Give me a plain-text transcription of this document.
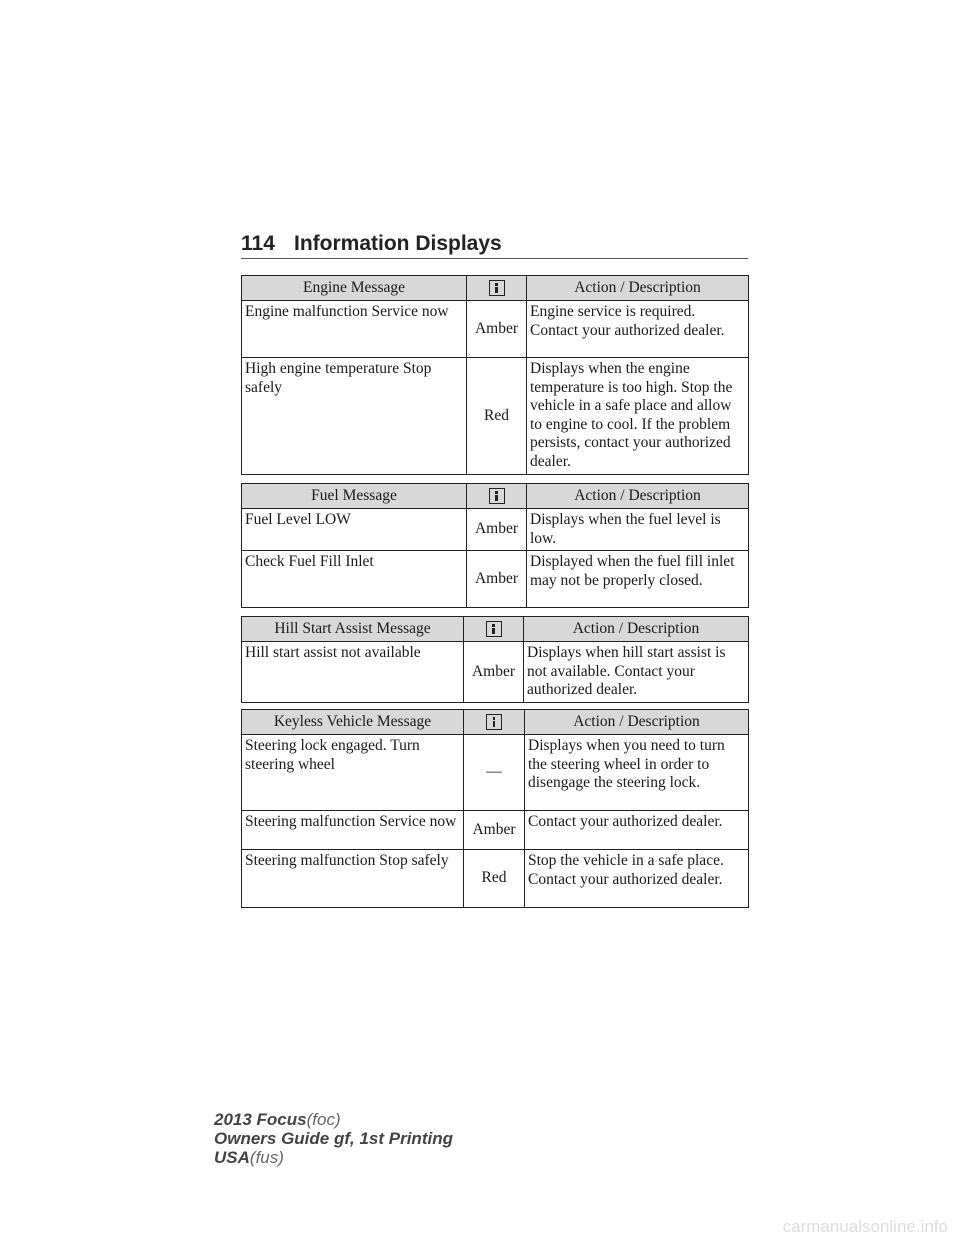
114 Information Displays
Engine Message		Action / Description
Engine malfunction Service now	Amber	Engine service is required. Contact your authorized dealer.
High engine temperature Stop safely	Red	Displays when the engine temperature is too high. Stop the vehicle in a safe place and allow to engine to cool. If the problem persists, contact your authorized dealer.
Fuel Message		Action / Description
Fuel Level LOW	Amber	Displays when the fuel level is low.
Check Fuel Fill Inlet	Amber	Displayed when the fuel fill inlet may not be properly closed.
Hill Start Assist Message		Action / Description
Hill start assist not available	Amber	Displays when hill start assist is not available. Contact your authorized dealer.
Keyless Vehicle Message		Action / Description
Steering lock engaged. Turn steering wheel	—	Displays when you need to turn the steering wheel in order to disengage the steering lock.
Steering malfunction Service now	Amber	Contact your authorized dealer.
Steering malfunction Stop safely	Red	Stop the vehicle in a safe place. Contact your authorized dealer.
2013 Focus(foc)
Owners Guide gf, 1st Printing
USA(fus)
carmanualsonline.info
